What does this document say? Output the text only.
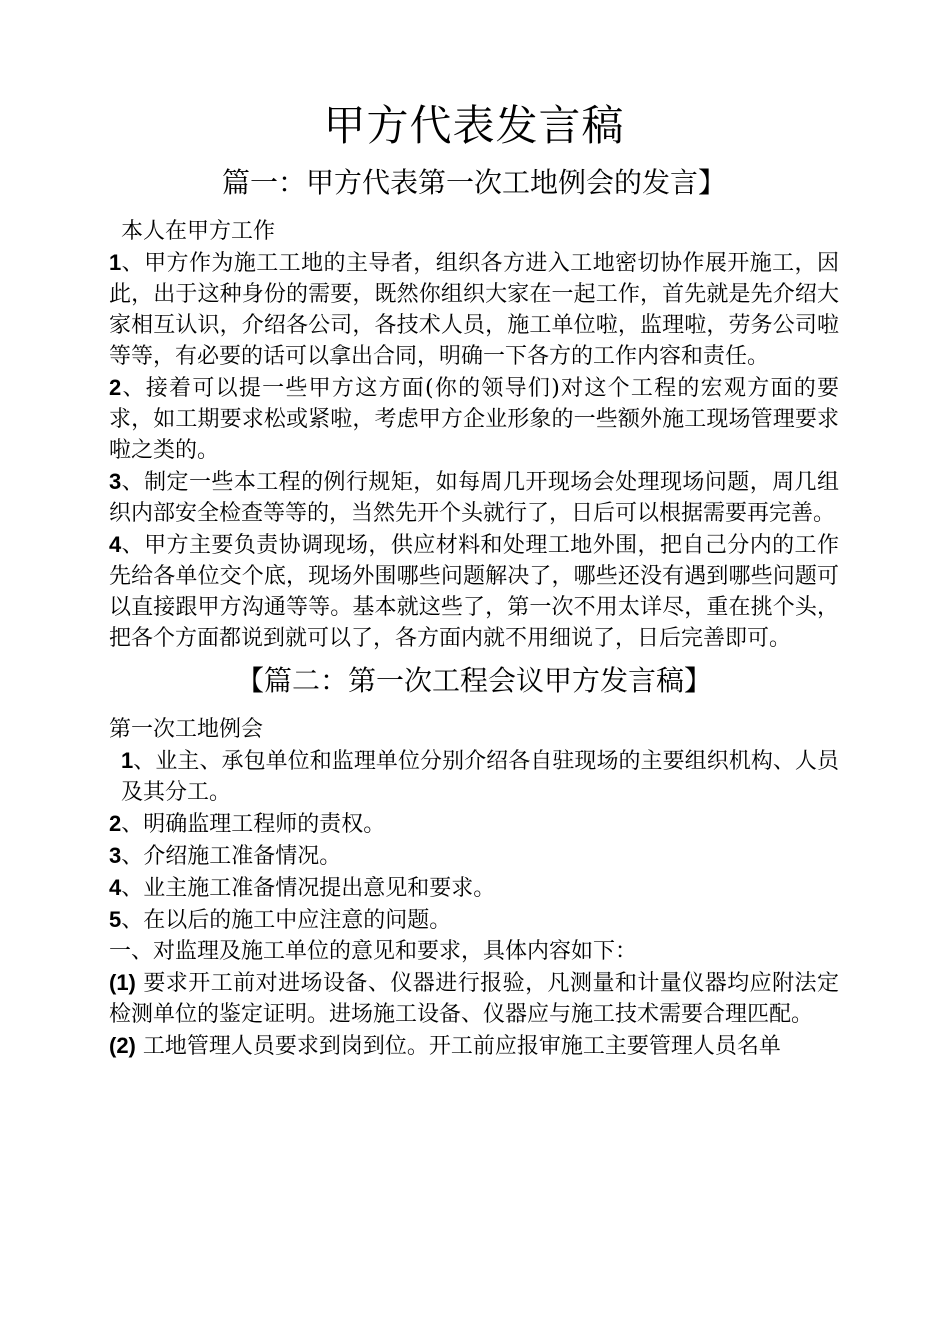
甲方代表发言稿
篇一：甲方代表第一次工地例会的发言】

本人在甲方工作

1、甲方作为施工工地的主导者，组织各方进入工地密切协作展开施工，因此，出于这种身份的需要，既然你组织大家在一起工作，首先就是先介绍大家相互认识，介绍各公司，各技术人员，施工单位啦，监理啦，劳务公司啦等等，有必要的话可以拿出合同，明确一下各方的工作内容和责任。

2、接着可以提一些甲方这方面(你的领导们)对这个工程的宏观方面的要求，如工期要求松或紧啦，考虑甲方企业形象的一些额外施工现场管理要求啦之类的。

3、制定一些本工程的例行规矩，如每周几开现场会处理现场问题，周几组织内部安全检查等等的，当然先开个头就行了，日后可以根据需要再完善。

4、甲方主要负责协调现场，供应材料和处理工地外围，把自己分内的工作先给各单位交个底，现场外围哪些问题解决了，哪些还没有遇到哪些问题可以直接跟甲方沟通等等。基本就这些了，第一次不用太详尽，重在挑个头，把各个方面都说到就可以了，各方面内就不用细说了，日后完善即可。

【篇二：第一次工程会议甲方发言稿】

第一次工地例会

1、业主、承包单位和监理单位分别介绍各自驻现场的主要组织机构、人员及其分工。

2、明确监理工程师的责权。

3、介绍施工准备情况。

4、业主施工准备情况提出意见和要求。

5、在以后的施工中应注意的问题。

一、对监理及施工单位的意见和要求，具体内容如下：

(1) 要求开工前对进场设备、仪器进行报验，凡测量和计量仪器均应附法定检测单位的鉴定证明。进场施工设备、仪器应与施工技术需要合理匹配。

(2) 工地管理人员要求到岗到位。开工前应报审施工主要管理人员名单
